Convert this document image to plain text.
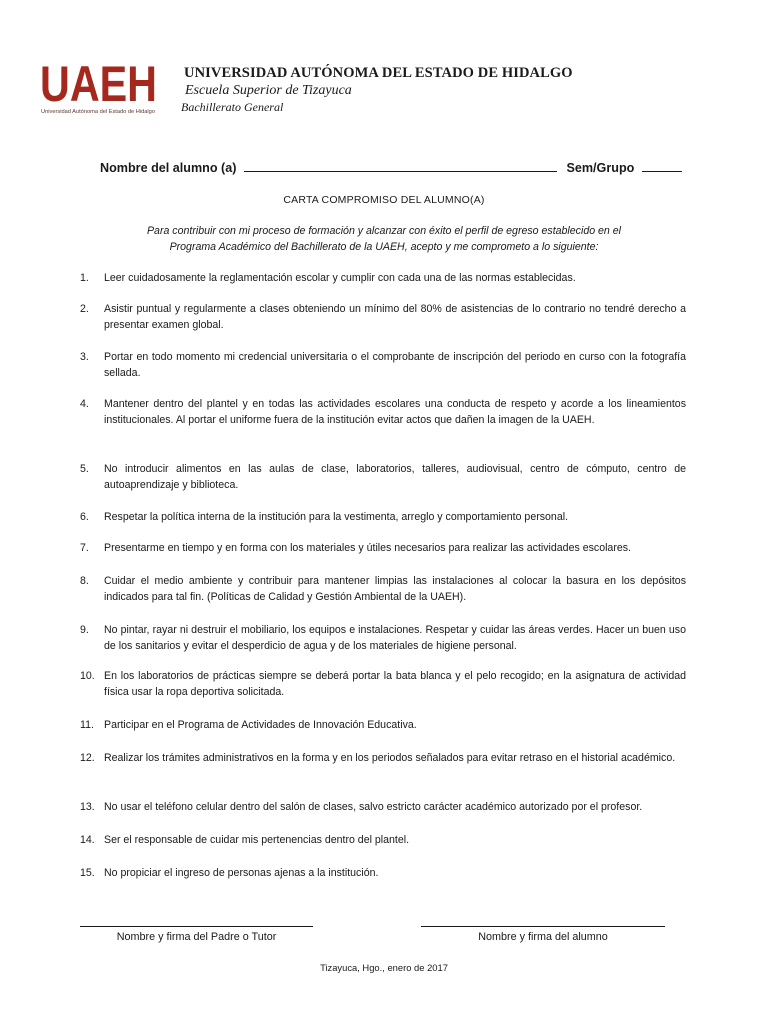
UAEH
Universidad Autónoma del Estado de Hidalgo
UNIVERSIDAD AUTÓNOMA DEL ESTADO DE HIDALGO
Escuela Superior de Tizayuca
Bachillerato General
Nombre del alumno (a)	Sem/Grupo
CARTA COMPROMISO DEL ALUMNO(A)
Para contribuir con mi proceso de formación y alcanzar con éxito el perfil de egreso establecido en el
Programa Académico del Bachillerato de la UAEH, acepto y me comprometo a lo siguiente:
1. Leer cuidadosamente la reglamentación escolar y cumplir con cada una de las normas establecidas.
2. Asistir puntual y regularmente a clases obteniendo un mínimo del 80% de asistencias de lo contrario no tendré derecho a presentar examen global.
3. Portar en todo momento mi credencial universitaria o el comprobante de inscripción del periodo en curso con la fotografía sellada.
4. Mantener dentro del plantel y en todas las actividades escolares una conducta de respeto y acorde a los lineamientos institucionales. Al portar el uniforme fuera de la institución evitar actos que dañen la imagen de la UAEH.
5. No introducir alimentos en las aulas de clase, laboratorios, talleres, audiovisual, centro de cómputo, centro de autoaprendizaje y biblioteca.
6. Respetar la política interna de la institución para la vestimenta, arreglo y comportamiento personal.
7. Presentarme en tiempo y en forma con los materiales y útiles necesarios para realizar las actividades escolares.
8. Cuidar el medio ambiente y contribuir para mantener limpias las instalaciones al colocar la basura en los depósitos indicados para tal fin. (Políticas de Calidad y Gestión Ambiental de la UAEH).
9. No pintar, rayar ni destruir el mobiliario, los equipos e instalaciones. Respetar y cuidar las áreas verdes. Hacer un buen uso de los sanitarios y evitar el desperdicio de agua y de los materiales de higiene personal.
10. En los laboratorios de prácticas siempre se deberá portar la bata blanca y el pelo recogido; en la asignatura de actividad física usar la ropa deportiva solicitada.
11. Participar en el Programa de Actividades de Innovación Educativa.
12. Realizar los trámites administrativos en la forma y en los periodos señalados para evitar retraso en el historial académico.
13. No usar el teléfono celular dentro del salón de clases, salvo estricto carácter académico autorizado por el profesor.
14. Ser el responsable de cuidar mis pertenencias dentro del plantel.
15. No propiciar el ingreso de personas ajenas a la institución.
Nombre y firma del Padre o Tutor	Nombre y firma del alumno
Tizayuca, Hgo., enero de 2017
